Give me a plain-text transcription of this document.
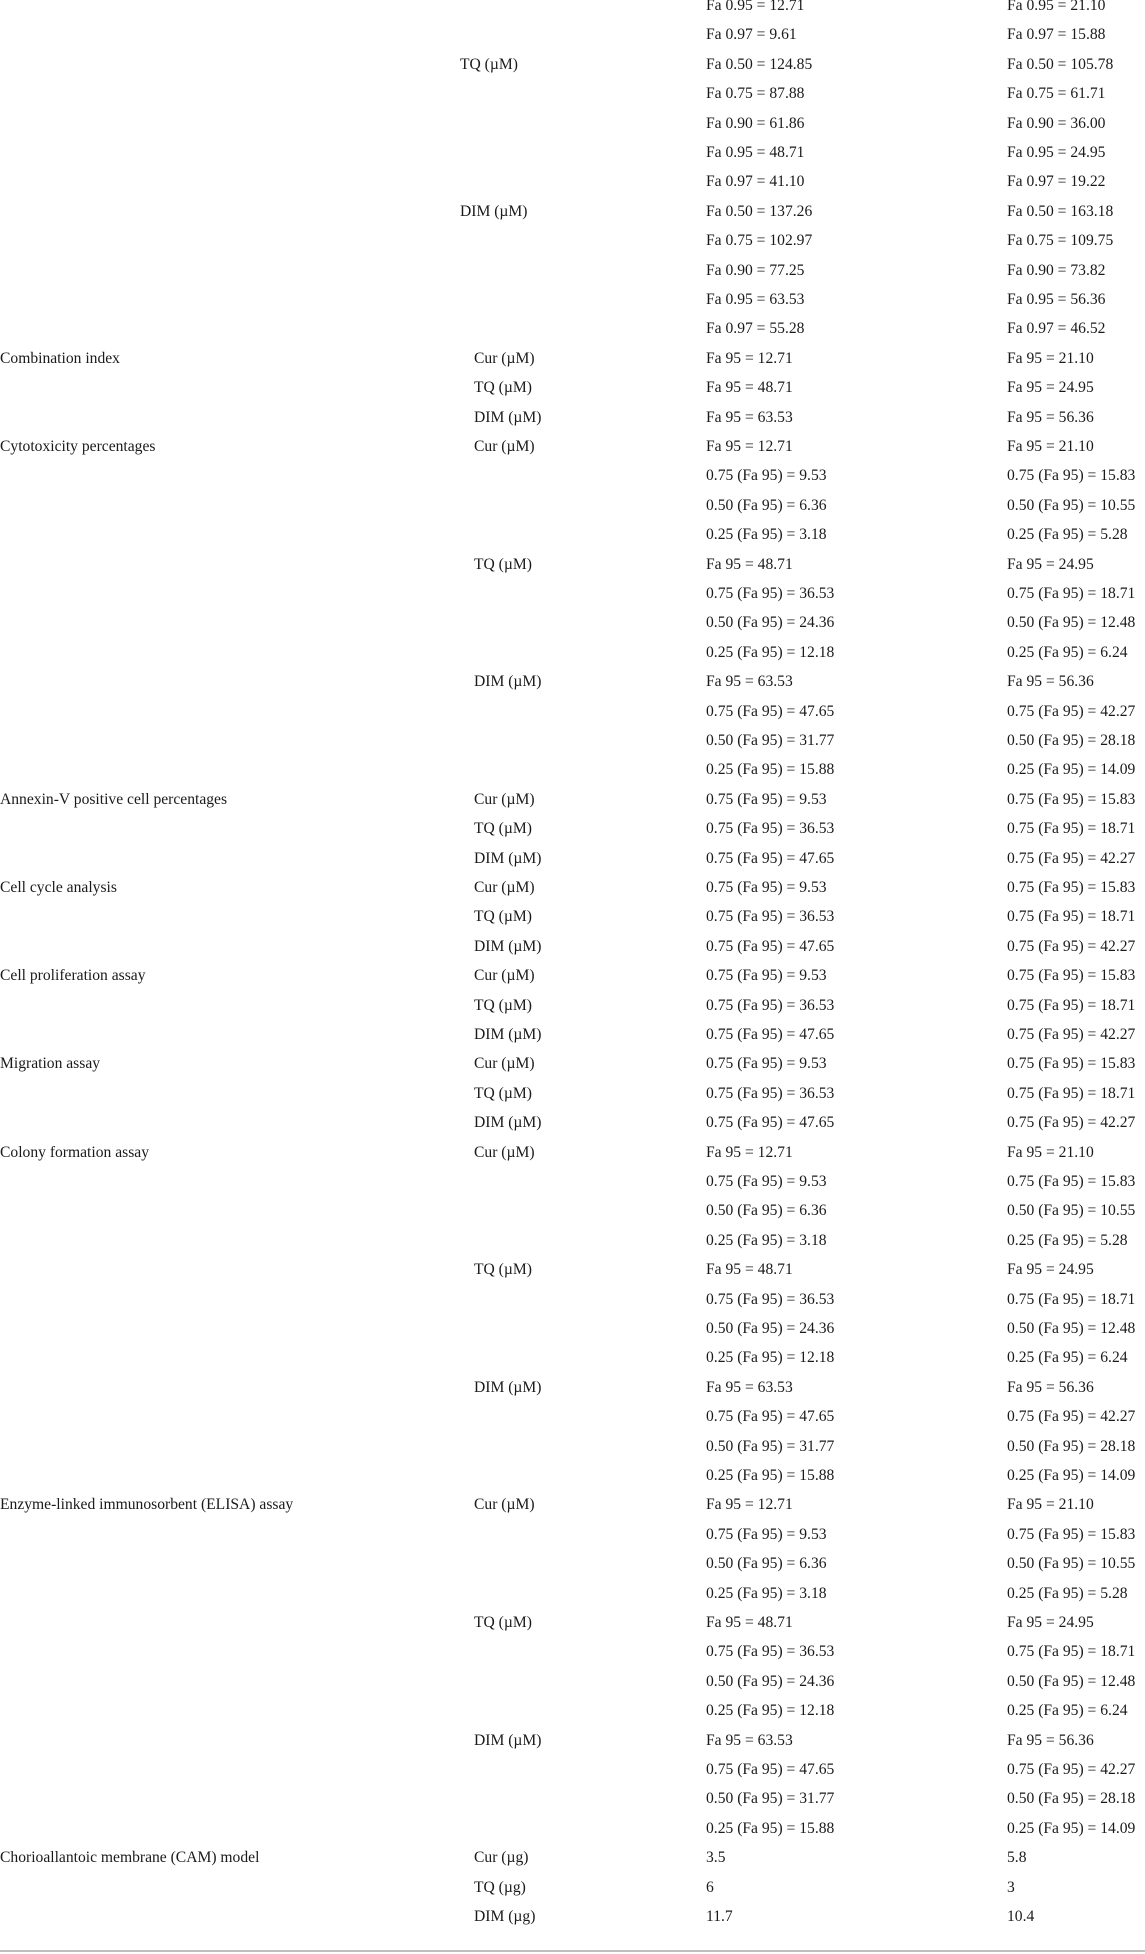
Fa 0.95 = 12.71	Fa 0.95 = 21.10
Fa 0.97 = 9.61	Fa 0.97 = 15.88
TQ (µM)	Fa 0.50 = 124.85	Fa 0.50 = 105.78
Fa 0.75 = 87.88	Fa 0.75 = 61.71
Fa 0.90 = 61.86	Fa 0.90 = 36.00
Fa 0.95 = 48.71	Fa 0.95 = 24.95
Fa 0.97 = 41.10	Fa 0.97 = 19.22
DIM (µM)	Fa 0.50 = 137.26	Fa 0.50 = 163.18
Fa 0.75 = 102.97	Fa 0.75 = 109.75
Fa 0.90 = 77.25	Fa 0.90 = 73.82
Fa 0.95 = 63.53	Fa 0.95 = 56.36
Fa 0.97 = 55.28	Fa 0.97 = 46.52
Combination index	Cur (µM)	Fa 95 = 12.71	Fa 95 = 21.10
TQ (µM)	Fa 95 = 48.71	Fa 95 = 24.95
DIM (µM)	Fa 95 = 63.53	Fa 95 = 56.36
Cytotoxicity percentages	Cur (µM)	Fa 95 = 12.71	Fa 95 = 21.10
0.75 (Fa 95) = 9.53	0.75 (Fa 95) = 15.83
0.50 (Fa 95) = 6.36	0.50 (Fa 95) = 10.55
0.25 (Fa 95) = 3.18	0.25 (Fa 95) = 5.28
TQ (µM)	Fa 95 = 48.71	Fa 95 = 24.95
0.75 (Fa 95) = 36.53	0.75 (Fa 95) = 18.71
0.50 (Fa 95) = 24.36	0.50 (Fa 95) = 12.48
0.25 (Fa 95) = 12.18	0.25 (Fa 95) = 6.24
DIM (µM)	Fa 95 = 63.53	Fa 95 = 56.36
0.75 (Fa 95) = 47.65	0.75 (Fa 95) = 42.27
0.50 (Fa 95) = 31.77	0.50 (Fa 95) = 28.18
0.25 (Fa 95) = 15.88	0.25 (Fa 95) = 14.09
Annexin-V positive cell percentages	Cur (µM)	0.75 (Fa 95) = 9.53	0.75 (Fa 95) = 15.83
TQ (µM)	0.75 (Fa 95) = 36.53	0.75 (Fa 95) = 18.71
DIM (µM)	0.75 (Fa 95) = 47.65	0.75 (Fa 95) = 42.27
Cell cycle analysis	Cur (µM)	0.75 (Fa 95) = 9.53	0.75 (Fa 95) = 15.83
TQ (µM)	0.75 (Fa 95) = 36.53	0.75 (Fa 95) = 18.71
DIM (µM)	0.75 (Fa 95) = 47.65	0.75 (Fa 95) = 42.27
Cell proliferation assay	Cur (µM)	0.75 (Fa 95) = 9.53	0.75 (Fa 95) = 15.83
TQ (µM)	0.75 (Fa 95) = 36.53	0.75 (Fa 95) = 18.71
DIM (µM)	0.75 (Fa 95) = 47.65	0.75 (Fa 95) = 42.27
Migration assay	Cur (µM)	0.75 (Fa 95) = 9.53	0.75 (Fa 95) = 15.83
TQ (µM)	0.75 (Fa 95) = 36.53	0.75 (Fa 95) = 18.71
DIM (µM)	0.75 (Fa 95) = 47.65	0.75 (Fa 95) = 42.27
Colony formation assay	Cur (µM)	Fa 95 = 12.71	Fa 95 = 21.10
0.75 (Fa 95) = 9.53	0.75 (Fa 95) = 15.83
0.50 (Fa 95) = 6.36	0.50 (Fa 95) = 10.55
0.25 (Fa 95) = 3.18	0.25 (Fa 95) = 5.28
TQ (µM)	Fa 95 = 48.71	Fa 95 = 24.95
0.75 (Fa 95) = 36.53	0.75 (Fa 95) = 18.71
0.50 (Fa 95) = 24.36	0.50 (Fa 95) = 12.48
0.25 (Fa 95) = 12.18	0.25 (Fa 95) = 6.24
DIM (µM)	Fa 95 = 63.53	Fa 95 = 56.36
0.75 (Fa 95) = 47.65	0.75 (Fa 95) = 42.27
0.50 (Fa 95) = 31.77	0.50 (Fa 95) = 28.18
0.25 (Fa 95) = 15.88	0.25 (Fa 95) = 14.09
Enzyme-linked immunosorbent (ELISA) assay	Cur (µM)	Fa 95 = 12.71	Fa 95 = 21.10
0.75 (Fa 95) = 9.53	0.75 (Fa 95) = 15.83
0.50 (Fa 95) = 6.36	0.50 (Fa 95) = 10.55
0.25 (Fa 95) = 3.18	0.25 (Fa 95) = 5.28
TQ (µM)	Fa 95 = 48.71	Fa 95 = 24.95
0.75 (Fa 95) = 36.53	0.75 (Fa 95) = 18.71
0.50 (Fa 95) = 24.36	0.50 (Fa 95) = 12.48
0.25 (Fa 95) = 12.18	0.25 (Fa 95) = 6.24
DIM (µM)	Fa 95 = 63.53	Fa 95 = 56.36
0.75 (Fa 95) = 47.65	0.75 (Fa 95) = 42.27
0.50 (Fa 95) = 31.77	0.50 (Fa 95) = 28.18
0.25 (Fa 95) = 15.88	0.25 (Fa 95) = 14.09
Chorioallantoic membrane (CAM) model	Cur (µg)	3.5	5.8
TQ (µg)	6	3
DIM (µg)	11.7	10.4
